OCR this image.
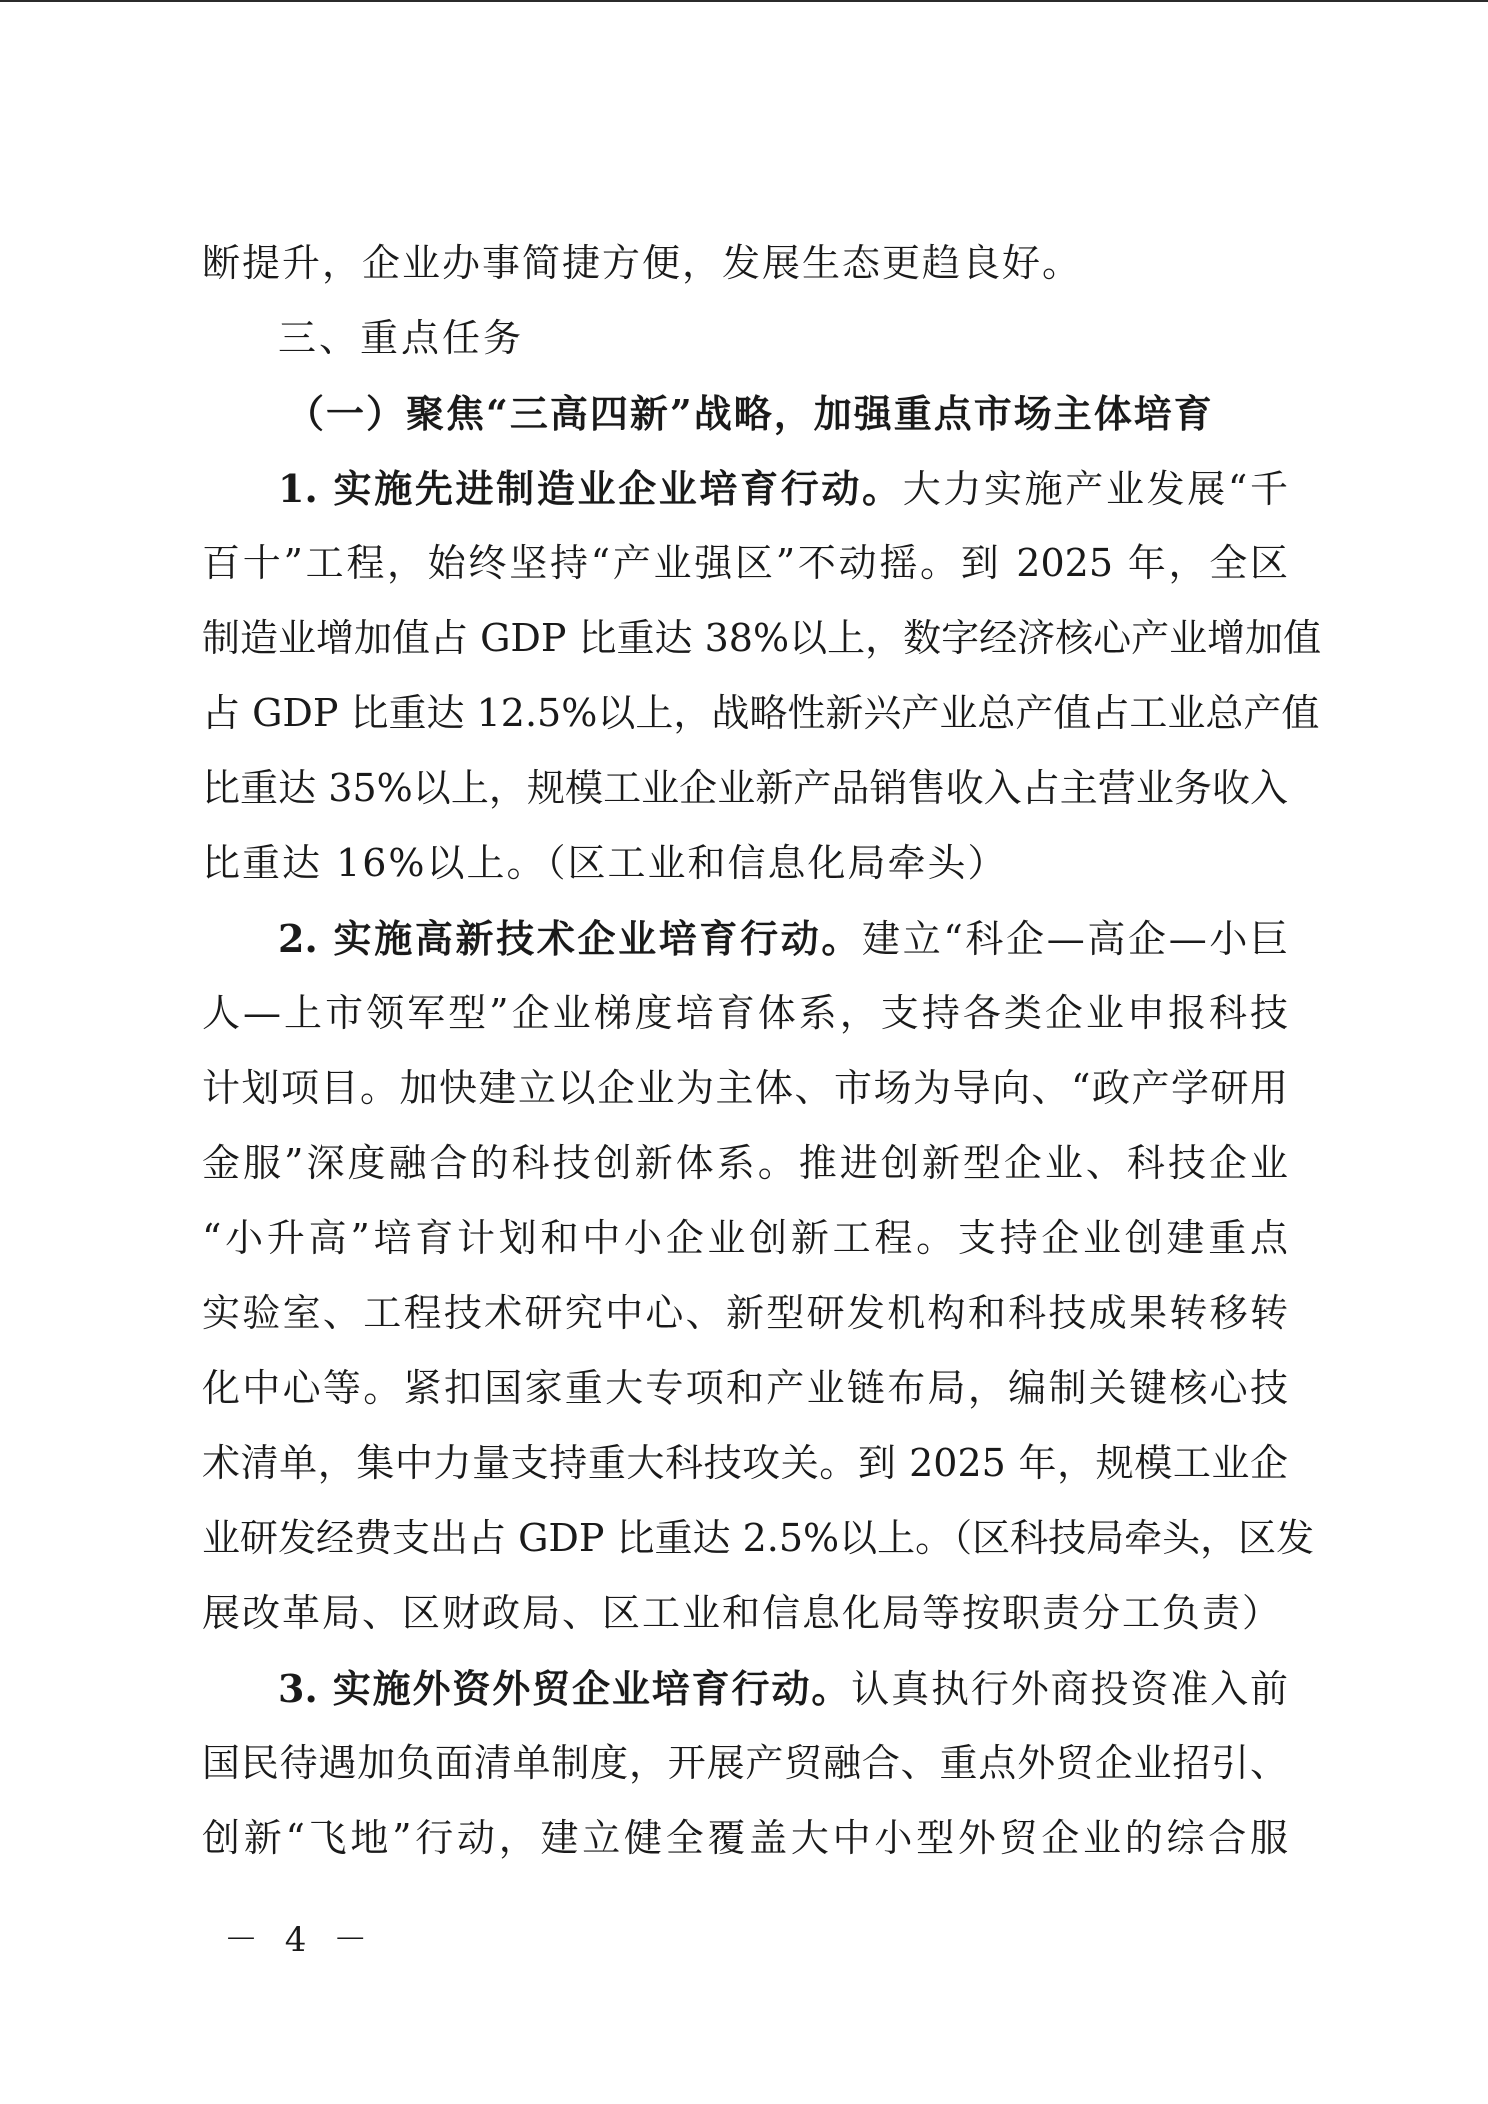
断提升，企业办事简捷方便，发展生态更趋良好。
三、重点任务
（一）聚焦“三高四新”战略，加强重点市场主体培育
1. 实施先进制造业企业培育行动。大力实施产业发展“千
百十”工程，始终坚持“产业强区”不动摇。到 2025 年，全区
制造业增加值占 GDP 比重达 38%以上，数字经济核心产业增加值
占 GDP 比重达 12.5%以上，战略性新兴产业总产值占工业总产值
比重达 35%以上，规模工业企业新产品销售收入占主营业务收入
比重达 16%以上。（区工业和信息化局牵头）
2. 实施高新技术企业培育行动。建立“科企—高企—小巨
人—上市领军型”企业梯度培育体系，支持各类企业申报科技
计划项目。加快建立以企业为主体、市场为导向、“政产学研用
金服”深度融合的科技创新体系。推进创新型企业、科技企业
“小升高”培育计划和中小企业创新工程。支持企业创建重点
实验室、工程技术研究中心、新型研发机构和科技成果转移转
化中心等。紧扣国家重大专项和产业链布局，编制关键核心技
术清单，集中力量支持重大科技攻关。到 2025 年，规模工业企
业研发经费支出占 GDP 比重达 2.5%以上。（区科技局牵头，区发
展改革局、区财政局、区工业和信息化局等按职责分工负责）
3. 实施外资外贸企业培育行动。认真执行外商投资准入前
国民待遇加负面清单制度，开展产贸融合、重点外贸企业招引、
创新“飞地”行动，建立健全覆盖大中小型外贸企业的综合服
－ 4 －
